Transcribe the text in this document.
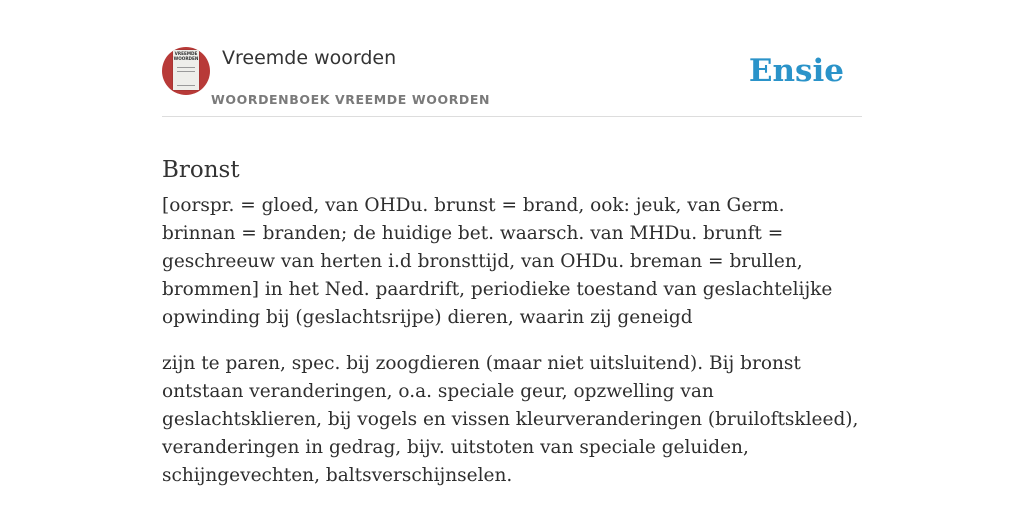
VREEMDE WOORDEN Vreemde woorden
WOORDENBOEK VREEMDE WOORDEN
Ensie
Bronst

[oorspr. = gloed, van OHDu. brunst = brand, ook: jeuk, van Germ. brinnan = branden; de huidige bet. waarsch. van MHDu. brunft = geschreeuw van herten i.d bronsttijd, van OHDu. breman = brullen, brommen] in het Ned. paardrift, periodieke toestand van geslachtelijke opwinding bij (geslachtsrijpe) dieren, waarin zij geneigd

zijn te paren, spec. bij zoogdieren (maar niet uitsluitend). Bij bronst ontstaan veranderingen, o.a. speciale geur, opzwelling van geslachtsklieren, bij vogels en vissen kleurveranderingen (bruiloftskleed), veranderingen in gedrag, bijv. uitstoten van speciale geluiden, schijngevechten, baltsverschijnselen.
